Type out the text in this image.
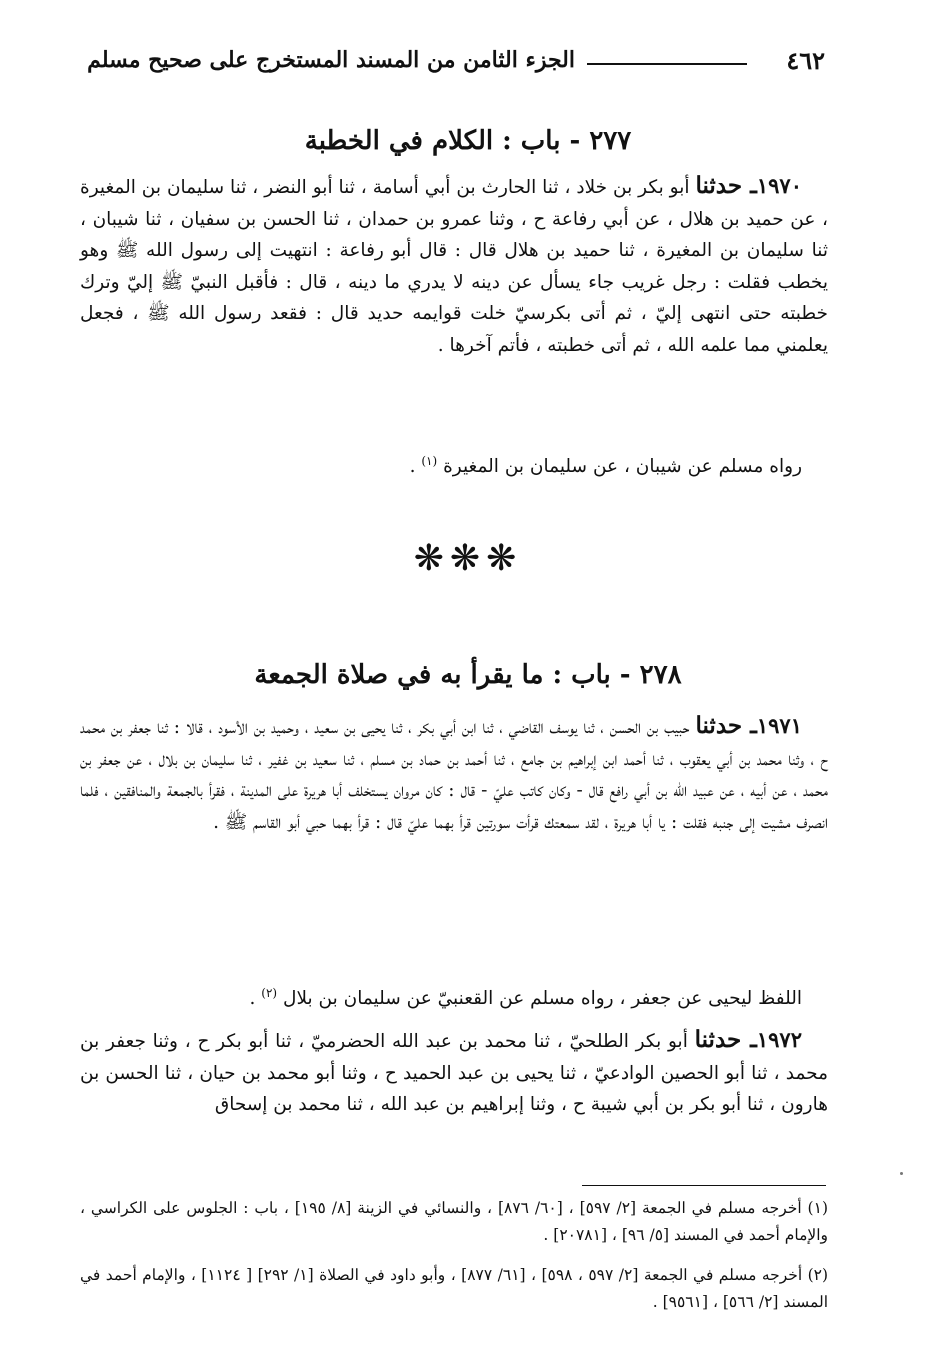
٤٦٢
الجزء الثامن من المسند المستخرج على صحيح مسلم
٢٧٧ - باب : الكلام في الخطبة

١٩٧٠ـ حدثنا أبو بكر بن خلاد ، ثنا الحارث بن أبي أسامة ، ثنا أبو النضر ، ثنا سليمان بن المغيرة ، عن حميد بن هلال ، عن أبي رفاعة ح ، وثنا عمرو بن حمدان ، ثنا الحسن بن سفيان ، ثنا شيبان ، ثنا سليمان بن المغيرة ، ثنا حميد بن هلال قال : قال أبو رفاعة : انتهيت إلى رسول الله ﷺ وهو يخطب فقلت : رجل غريب جاء يسأل عن دينه لا يدري ما دينه ، قال : فأقبل النبيّ ﷺ إليّ وترك خطبته حتى انتهى إليّ ، ثم أتى بكرسيّ خلت قوايمه حديد قال : فقعد رسول الله ﷺ ، فجعل يعلمني مما علمه الله ، ثم أتى خطبته ، فأتم آخرها .

رواه مسلم عن شيبان ، عن سليمان بن المغيرة $^{(١)}$ .

❋❋❋
٢٧٨ - باب : ما يقرأ به في صلاة الجمعة

١٩٧١ـ حدثنا حبيب بن الحسن ، ثنا يوسف القاضي ، ثنا ابن أبي بكر ، ثنا يحيى بن سعيد ، وحميد بن الأسود ، قالا : ثنا جعفر بن محمد ح ، وثنا محمد بن أبي يعقوب ، ثنا أحمد ابن إبراهيم بن جامع ، ثنا أحمد بن حماد بن مسلم ، ثنا سعيد بن غفير ، ثنا سليمان بن بلال ، عن جعفر بن محمد ، عن أبيه ، عن عبيد الله بن أبي رافع قال - وكان كاتب عليّ - قال : كان مروان يستخلف أبا هريرة على المدينة ، فقرأ بالجمعة والمنافقين ، فلما انصرف مشيت إلى جنبه فقلت : يا أبا هريرة ، لقد سمعتك قرأت سورتين قرأ بهما عليّ قال : قرأ بهما حبي أبو القاسم ﷺ .

اللفظ ليحيى عن جعفر ، رواه مسلم عن القعنبيّ عن سليمان بن بلال $^{(٢)}$ .

١٩٧٢ـ حدثنا أبو بكر الطلحيّ ، ثنا محمد بن عبد الله الحضرميّ ، ثنا أبو بكر ح ، وثنا جعفر بن محمد ، ثنا أبو الحصين الوادعيّ ، ثنا يحيى بن عبد الحميد ح ، وثنا أبو محمد بن حيان ، ثنا الحسن بن هارون ، ثنا أبو بكر بن أبي شيبة ح ، وثنا إبراهيم بن عبد الله ، ثنا محمد بن إسحاق

(١) أخرجه مسلم في الجمعة [٢/ ٥٩٧] ، [٦٠/ ٨٧٦] ، والنسائي في الزينة [٨/ ١٩٥] ، باب : الجلوس على الكراسي ، والإمام أحمد في المسند [٥/ ٩٦] ، [٢٠٧٨١] .

(٢) أخرجه مسلم في الجمعة [٢/ ٥٩٧ ، ٥٩٨] ، [٦١/ ٨٧٧] ، وأبو داود في الصلاة [١/ ٢٩٢] [ ١١٢٤] ، والإمام أحمد في المسند [٢/ ٥٦٦] ، [٩٥٦١] .
